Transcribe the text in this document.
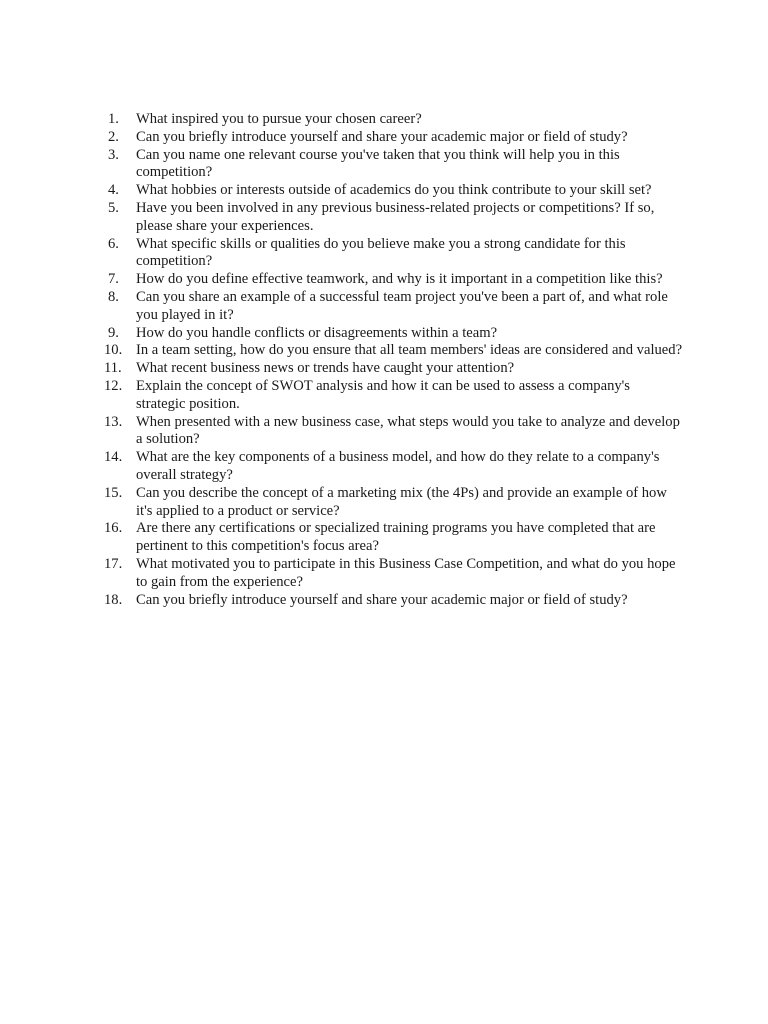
1.	What inspired you to pursue your chosen career?
2.	Can you briefly introduce yourself and share your academic major or field of study?
3.	Can you name one relevant course you've taken that you think will help you in this competition?
4.	What hobbies or interests outside of academics do you think contribute to your skill set?
5.	Have you been involved in any previous business-related projects or competitions? If so, please share your experiences.
6.	What specific skills or qualities do you believe make you a strong candidate for this competition?
7.	How do you define effective teamwork, and why is it important in a competition like this?
8.	Can you share an example of a successful team project you've been a part of, and what role you played in it?
9.	How do you handle conflicts or disagreements within a team?
10. In a team setting, how do you ensure that all team members' ideas are considered and valued?
11. What recent business news or trends have caught your attention?
12. Explain the concept of SWOT analysis and how it can be used to assess a company's strategic position.
13. When presented with a new business case, what steps would you take to analyze and develop a solution?
14. What are the key components of a business model, and how do they relate to a company's overall strategy?
15. Can you describe the concept of a marketing mix (the 4Ps) and provide an example of how it's applied to a product or service?
16. Are there any certifications or specialized training programs you have completed that are pertinent to this competition's focus area?
17. What motivated you to participate in this Business Case Competition, and what do you hope to gain from the experience?
18. Can you briefly introduce yourself and share your academic major or field of study?
